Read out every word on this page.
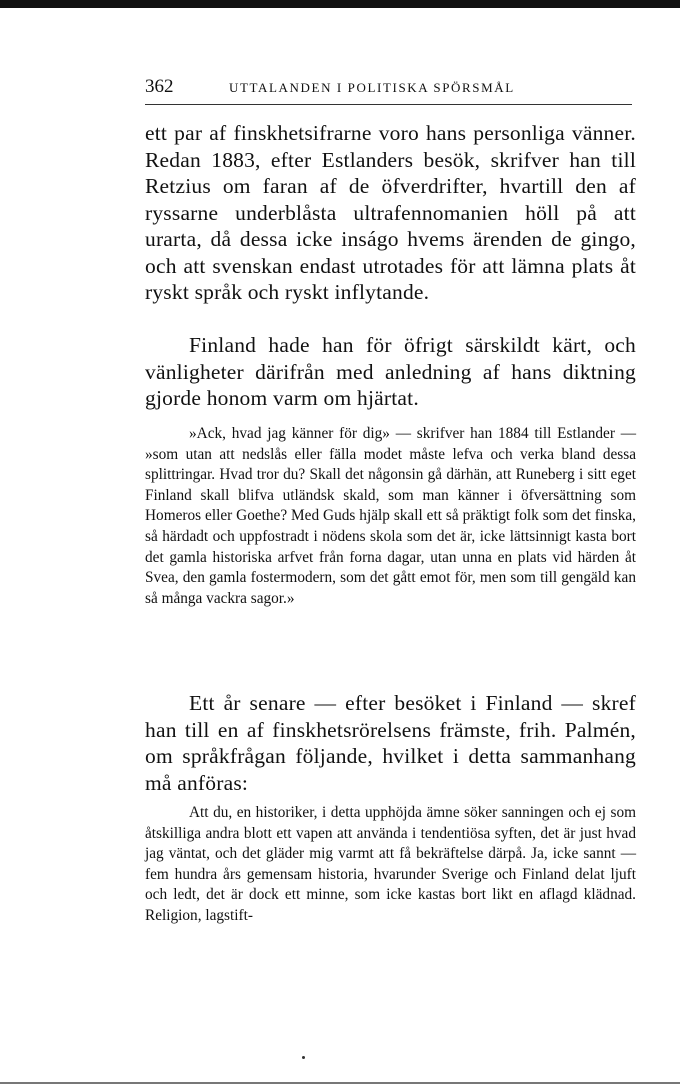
362	UTTALANDEN I POLITISKA SPÖRSMÅL

ett par af finskhetsifrarne voro hans personliga vänner. Redan 1883, efter Estlanders besök, skrifver han till Retzius om faran af de öfverdrifter, hvartill den af ryssarne underblåsta ultrafennomanien höll på att urarta, då dessa icke inságo hvems ärenden de gingo, och att svenskan endast utrotades för att lämna plats åt ryskt språk och ryskt inflytande.

Finland hade han för öfrigt särskildt kärt, och vänligheter därifrån med anledning af hans diktning gjorde honom varm om hjärtat.

»Ack, hvad jag känner för dig» — skrifver han 1884 till Estlander — »som utan att nedslås eller fälla modet måste lefva och verka bland dessa splittringar. Hvad tror du? Skall det någonsin gå därhän, att Runeberg i sitt eget Finland skall blifva utländsk skald, som man känner i öfversättning som Homeros eller Goethe? Med Guds hjälp skall ett så präktigt folk som det finska, så härdadt och uppfostradt i nödens skola som det är, icke lättsinnigt kasta bort det gamla historiska arfvet från forna dagar, utan unna en plats vid härden åt Svea, den gamla fostermodern, som det gått emot för, men som till gengäld kan så många vackra sagor.»

Ett år senare — efter besöket i Finland — skref han till en af finskhetsrörelsens främste, frih. Palmén, om språkfrågan följande, hvilket i detta sammanhang må anföras:

Att du, en historiker, i detta upphöjda ämne söker sanningen och ej som åtskilliga andra blott ett vapen att använda i tendentiösa syften, det är just hvad jag väntat, och det gläder mig varmt att få bekräftelse därpå. Ja, icke sannt — fem hundra års gemensam historia, hvarunder Sverige och Finland delat ljuft och ledt, det är dock ett minne, som icke kastas bort likt en aflagd klädnad. Religion, lagstift-
